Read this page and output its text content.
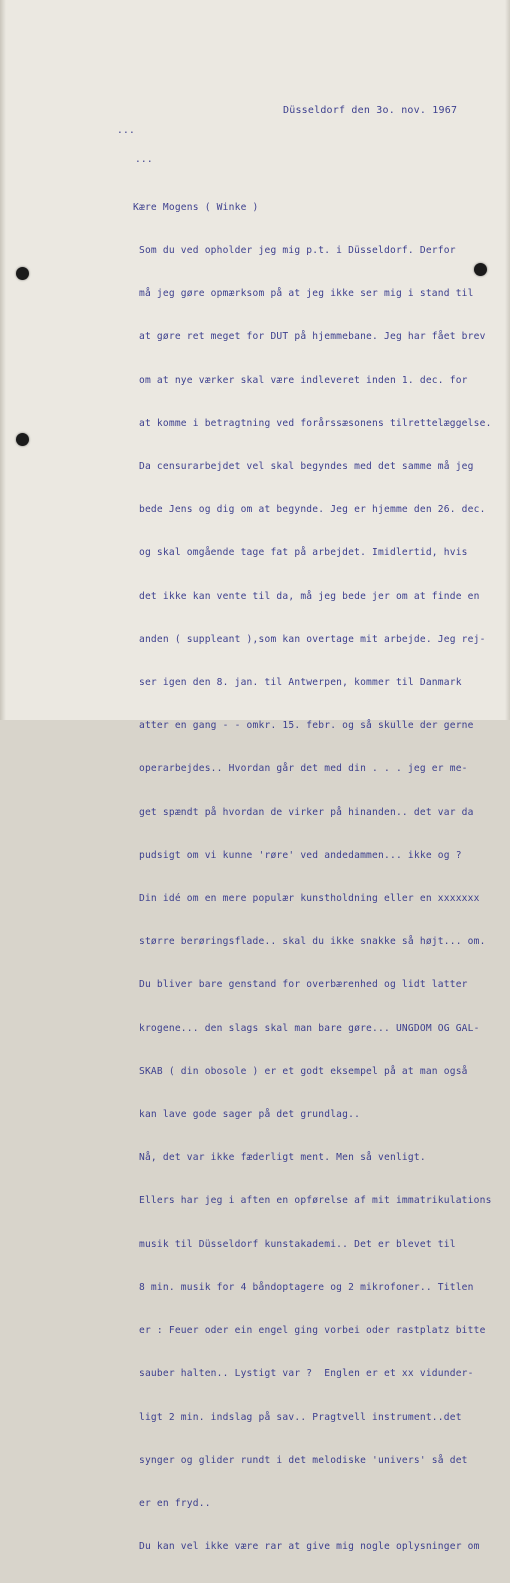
Düsseldorf den 3o. nov. 1967
...

...

Kære Mogens ( Winke )

Som du ved opholder jeg mig p.t. i Düsseldorf. Derfor

må jeg gøre opmærksom på at jeg ikke ser mig i stand til

at gøre ret meget for DUT på hjemmebane. Jeg har fået brev

om at nye værker skal være indleveret inden 1. dec. for

at komme i betragtning ved forårssæsonens tilrettelæggelse.

Da censurarbejdet vel skal begyndes med det samme må jeg

bede Jens og dig om at begynde. Jeg er hjemme den 26. dec.

og skal omgående tage fat på arbejdet. Imidlertid, hvis

det ikke kan vente til da, må jeg bede jer om at finde en

anden ( suppleant ),som kan overtage mit arbejde. Jeg rej-

ser igen den 8. jan. til Antwerpen, kommer til Danmark

atter en gang - - omkr. 15. febr. og så skulle der gerne

operarbejdes.. Hvordan går det med din . . . jeg er me-

get spændt på hvordan de virker på hinanden.. det var da

pudsigt om vi kunne 'røre' ved andedammen... ikke og ?

Din idé om en mere populær kunstholdning eller en xxxxxxx

større berøringsflade.. skal du ikke snakke så højt... om.

Du bliver bare genstand for overbærenhed og lidt latter

krogene... den slags skal man bare gøre... UNGDOM OG GAL-

SKAB ( din obosole ) er et godt eksempel på at man også

kan lave gode sager på det grundlag..

Nå, det var ikke fæderligt ment. Men så venligt.

Ellers har jeg i aften en opførelse af mit immatrikulations

musik til Düsseldorf kunstakademi.. Det er blevet til

8 min. musik for 4 båndoptagere og 2 mikrofoner.. Titlen

er : Feuer oder ein engel ging vorbei oder rastplatz bitte

sauber halten.. Lystigt var ?  Englen er et xx vidunder-

ligt 2 min. indslag på sav.. Pragtvell instrument..det

synger og glider rundt i det melodiske 'univers' så det

er en fryd..

Du kan vel ikke være rar at give mig nogle oplysninger om
